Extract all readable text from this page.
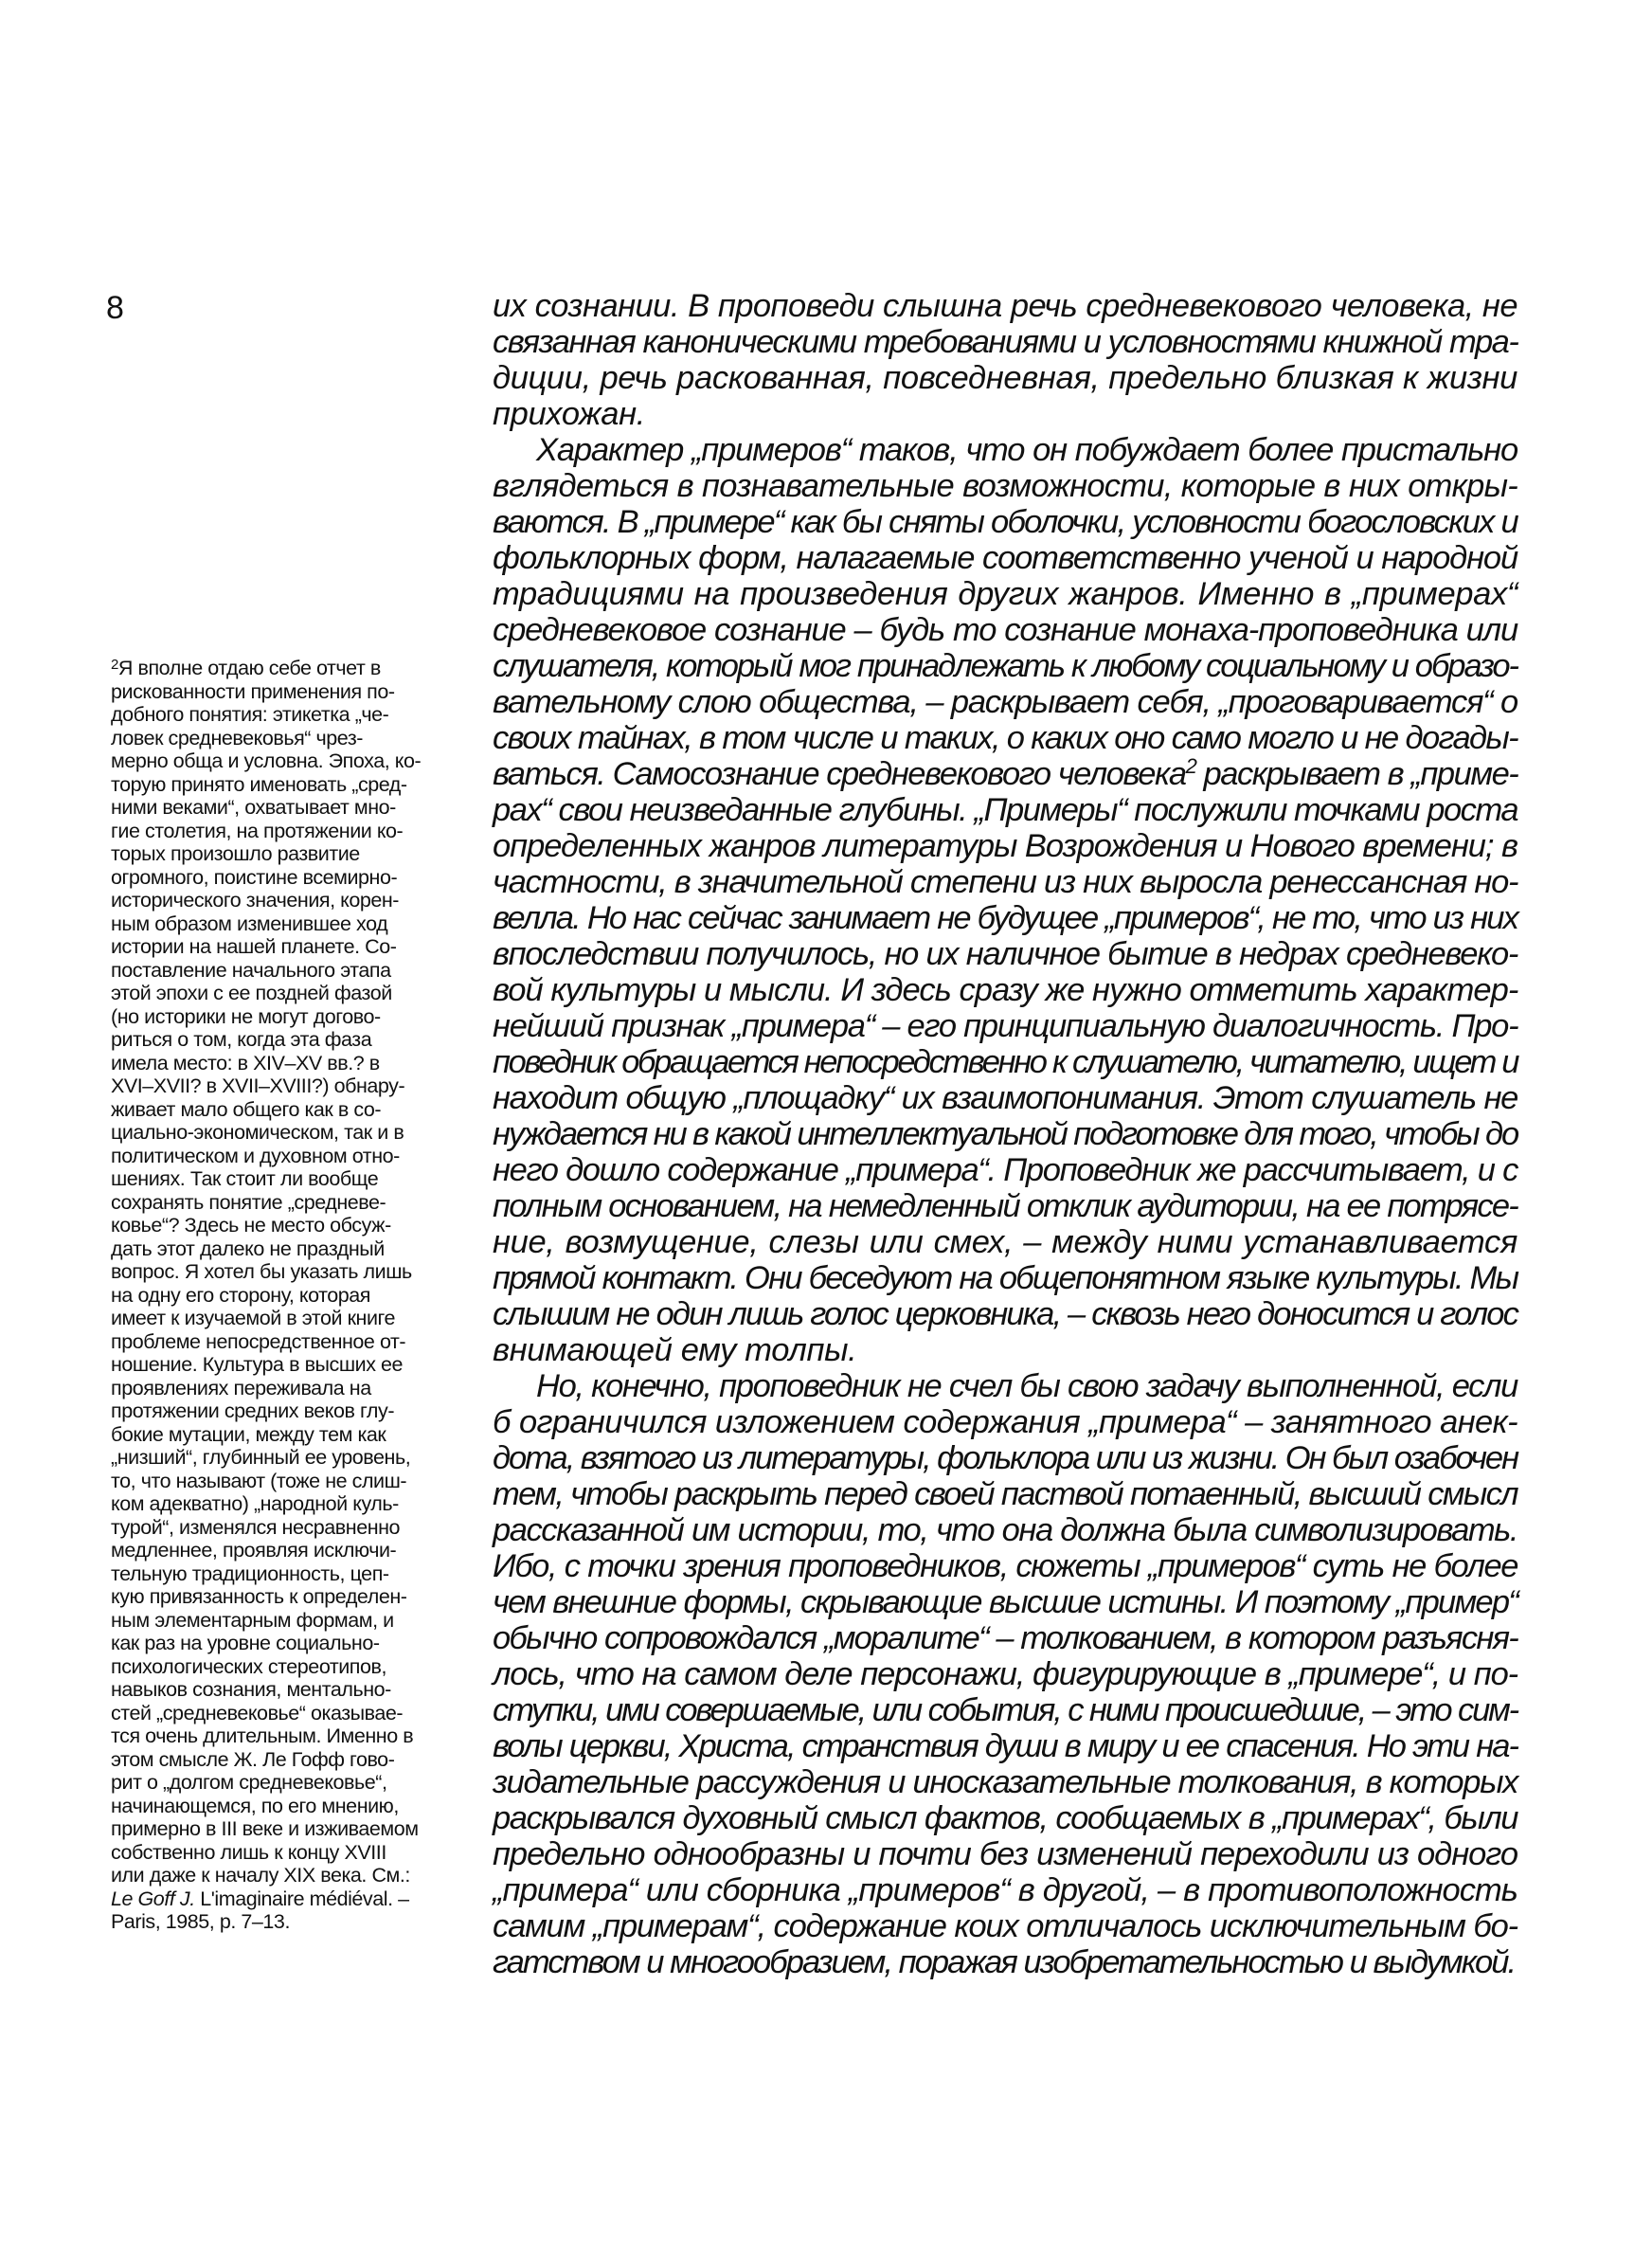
8
$^2$Я вполне отдаю себе отчет в
рискованности применения по-
добного понятия: этикетка „че-
ловек средневековья“ чрез-
мерно обща и условна. Эпоха, ко-
торую принято именовать „сред-
ними веками“, охватывает мно-
гие столетия, на протяжении ко-
торых произошло развитие
огромного, поистине всемирно-
исторического значения, корен-
ным образом изменившее ход
истории на нашей планете. Со-
поставление начального этапа
этой эпохи с ее поздней фазой
(но историки не могут догово-
риться о том, когда эта фаза
имела место: в XIV–XV вв.? в
XVI–XVII? в XVII–XVIII?) обнару-
живает мало общего как в со-
циально-экономическом, так и в
политическом и духовном отно-
шениях. Так стоит ли вообще
сохранять понятие „средневе-
ковье“? Здесь не место обсуж-
дать этот далеко не праздный
вопрос. Я хотел бы указать лишь
на одну его сторону, которая
имеет к изучаемой в этой книге
проблеме непосредственное от-
ношение. Культура в высших ее
проявлениях переживала на
протяжении средних веков глу-
бокие мутации, между тем как
„низший“, глубинный ее уровень,
то, что называют (тоже не слиш-
ком адекватно) „народной куль-
турой“, изменялся несравненно
медленнее, проявляя исключи-
тельную традиционность, цеп-
кую привязанность к определен-
ным элементарным формам, и
как раз на уровне социально-
психологических стереотипов,
навыков сознания, ментально-
стей „средневековье“ оказывае-
тся очень длительным. Именно в
этом смысле Ж. Ле Гофф гово-
рит о „долгом средневековье“,
начинающемся, по его мнению,
примерно в III веке и изживаемом
собственно лишь к концу XVIII
или даже к началу XIX века. См.:
Le Goff J. L'imaginaire médiéval. –
Paris, 1985, p. 7–13.
их сознании. В проповеди слышна речь средневекового человека, не
связанная каноническими требованиями и условностями книжной тра-
диции, речь раскованная, повседневная, предельно близкая к жизни
прихожан.
Характер „примеров“ таков, что он побуждает более пристально
вглядеться в познавательные возможности, которые в них откры-
ваются. В „примере“ как бы сняты оболочки, условности богословских и
фольклорных форм, налагаемые соответственно ученой и народной
традициями на произведения других жанров. Именно в „примерах“
средневековое сознание – будь то сознание монаха-проповедника или
слушателя, который мог принадлежать к любому социальному и образо-
вательному слою общества, – раскрывает себя, „проговаривается“ о
своих тайнах, в том числе и таких, о каких оно само могло и не догады-
ваться. Самосознание средневекового человека$^2$ раскрывает в „приме-
рах“ свои неизведанные глубины. „Примеры“ послужили точками роста
определенных жанров литературы Возрождения и Нового времени; в
частности, в значительной степени из них выросла ренессансная но-
велла. Но нас сейчас занимает не будущее „примеров“, не то, что из них
впоследствии получилось, но их наличное бытие в недрах средневеко-
вой культуры и мысли. И здесь сразу же нужно отметить характер-
нейший признак „примера“ – его принципиальную диалогичность. Про-
поведник обращается непосредственно к слушателю, читателю, ищет и
находит общую „площадку“ их взаимопонимания. Этот слушатель не
нуждается ни в какой интеллектуальной подготовке для того, чтобы до
него дошло содержание „примера“. Проповедник же рассчитывает, и с
полным основанием, на немедленный отклик аудитории, на ее потрясе-
ние, возмущение, слезы или смех, – между ними устанавливается
прямой контакт. Они беседуют на общепонятном языке культуры. Мы
слышим не один лишь голос церковника, – сквозь него доносится и голос
внимающей ему толпы.
Но, конечно, проповедник не счел бы свою задачу выполненной, если
б ограничился изложением содержания „примера“ – занятного анек-
дота, взятого из литературы, фольклора или из жизни. Он был озабочен
тем, чтобы раскрыть перед своей паствой потаенный, высший смысл
рассказанной им истории, то, что она должна была символизировать.
Ибо, с точки зрения проповедников, сюжеты „примеров“ суть не более
чем внешние формы, скрывающие высшие истины. И поэтому „пример“
обычно сопровождался „моралите“ – толкованием, в котором разъясня-
лось, что на самом деле персонажи, фигурирующие в „примере“, и по-
ступки, ими совершаемые, или события, с ними происшедшие, – это сим-
волы церкви, Христа, странствия души в миру и ее спасения. Но эти на-
зидательные рассуждения и иносказательные толкования, в которых
раскрывался духовный смысл фактов, сообщаемых в „примерах“, были
предельно однообразны и почти без изменений переходили из одного
„примера“ или сборника „примеров“ в другой, – в противоположность
самим „примерам“, содержание коих отличалось исключительным бо-
гатством и многообразием, поражая изобретательностью и выдумкой.
